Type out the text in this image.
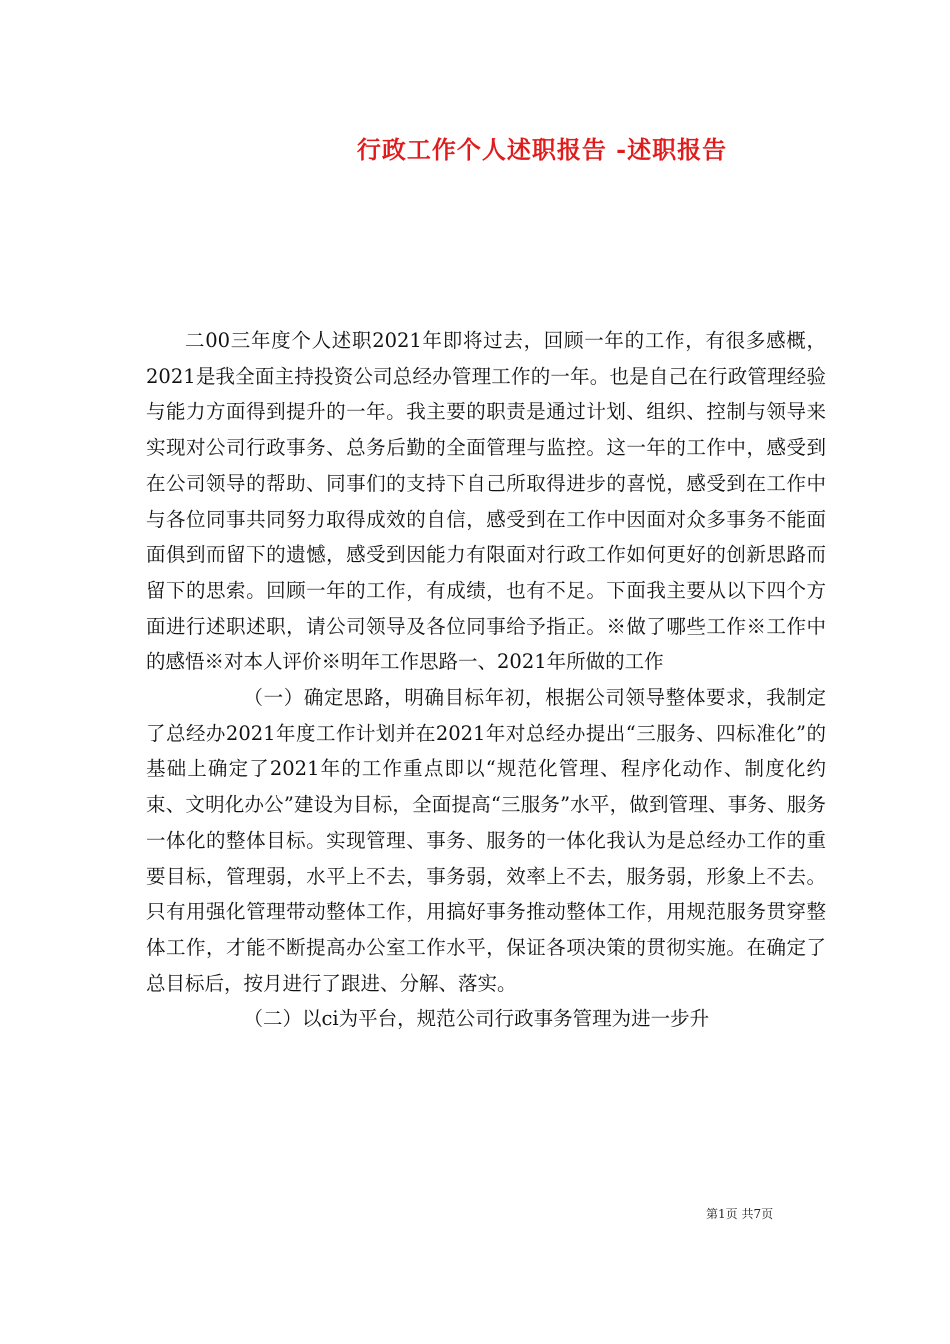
行政工作个人述职报告 -述职报告

二00三年度个人述职2021年即将过去，回顾一年的工作，有很多感概，2021是我全面主持投资公司总经办管理工作的一年。也是自己在行政管理经验与能力方面得到提升的一年。我主要的职责是通过计划、组织、控制与领导来实现对公司行政事务、总务后勤的全面管理与监控。这一年的工作中，感受到在公司领导的帮助、同事们的支持下自己所取得进步的喜悦，感受到在工作中与各位同事共同努力取得成效的自信，感受到在工作中因面对众多事务不能面面俱到而留下的遗憾，感受到因能力有限面对行政工作如何更好的创新思路而留下的思索。回顾一年的工作，有成绩，也有不足。下面我主要从以下四个方面进行述职述职，请公司领导及各位同事给予指正。※做了哪些工作※工作中的感悟※对本人评价※明年工作思路一、2021年所做的工作

（一）确定思路，明确目标年初，根据公司领导整体要求，我制定了总经办2021年度工作计划并在2021年对总经办提出“三服务、四标准化”的基础上确定了2021年的工作重点即以“规范化管理、程序化动作、制度化约束、文明化办公”建设为目标，全面提高“三服务”水平，做到管理、事务、服务一体化的整体目标。实现管理、事务、服务的一体化我认为是总经办工作的重要目标，管理弱，水平上不去，事务弱，效率上不去，服务弱，形象上不去。只有用强化管理带动整体工作，用搞好事务推动整体工作，用规范服务贯穿整体工作，才能不断提高办公室工作水平，保证各项决策的贯彻实施。在确定了总目标后，按月进行了跟进、分解、落实。

（二）以ci为平台，规范公司行政事务管理为进一步升

第1页 共7页
